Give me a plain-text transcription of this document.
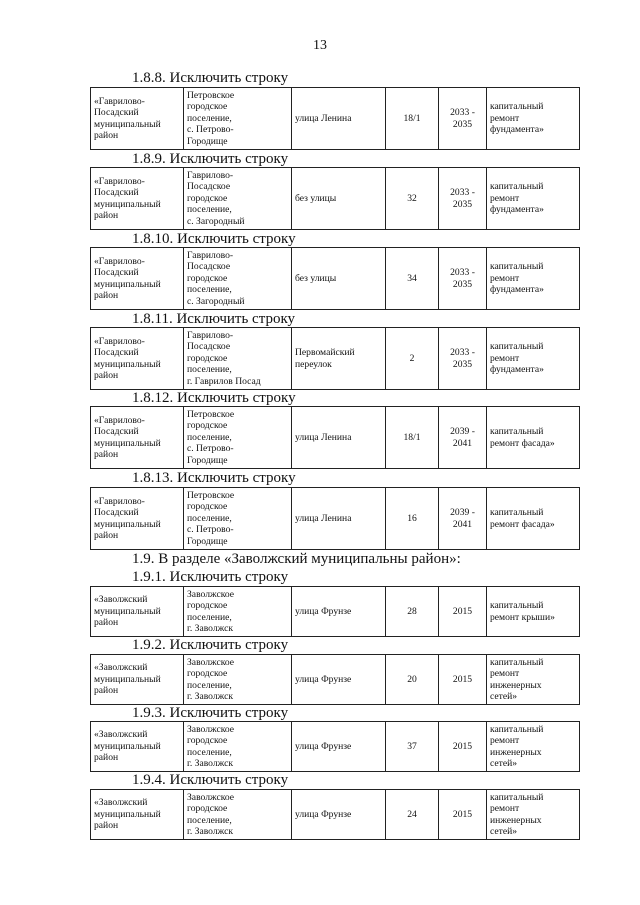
13
1.8.8. Исключить строку
«Гаврилово-
Посадский
муниципальный
район	Петровское
городское
поселение,
с. Петрово-
Городище	улица Ленина	18/1	2033 -
2035	капитальный
ремонт
фундамента»
1.8.9. Исключить строку
«Гаврилово-
Посадский
муниципальный
район	Гаврилово-
Посадское
городское
поселение,
с. Загородный	без улицы	32	2033 -
2035	капитальный
ремонт
фундамента»
1.8.10. Исключить строку
«Гаврилово-
Посадский
муниципальный
район	Гаврилово-
Посадское
городское
поселение,
с. Загородный	без улицы	34	2033 -
2035	капитальный
ремонт
фундамента»
1.8.11. Исключить строку
«Гаврилово-
Посадский
муниципальный
район	Гаврилово-
Посадское
городское
поселение,
г. Гаврилов Посад	Первомайский
переулок	2	2033 -
2035	капитальный
ремонт
фундамента»
1.8.12. Исключить строку
«Гаврилово-
Посадский
муниципальный
район	Петровское
городское
поселение,
с. Петрово-
Городище	улица Ленина	18/1	2039 -
2041	капитальный
ремонт фасада»
1.8.13. Исключить строку
«Гаврилово-
Посадский
муниципальный
район	Петровское
городское
поселение,
с. Петрово-
Городище	улица Ленина	16	2039 -
2041	капитальный
ремонт фасада»
1.9. В разделе «Заволжский муниципальны район»:
1.9.1. Исключить строку
«Заволжский
муниципальный
район	Заволжское
городское
поселение,
г. Заволжск	улица Фрунзе	28	2015	капитальный
ремонт крыши»
1.9.2. Исключить строку
«Заволжский
муниципальный
район	Заволжское
городское
поселение,
г. Заволжск	улица Фрунзе	20	2015	капитальный
ремонт
инженерных
сетей»
1.9.3. Исключить строку
«Заволжский
муниципальный
район	Заволжское
городское
поселение,
г. Заволжск	улица Фрунзе	37	2015	капитальный
ремонт
инженерных
сетей»
1.9.4. Исключить строку
«Заволжский
муниципальный
район	Заволжское
городское
поселение,
г. Заволжск	улица Фрунзе	24	2015	капитальный
ремонт
инженерных
сетей»
